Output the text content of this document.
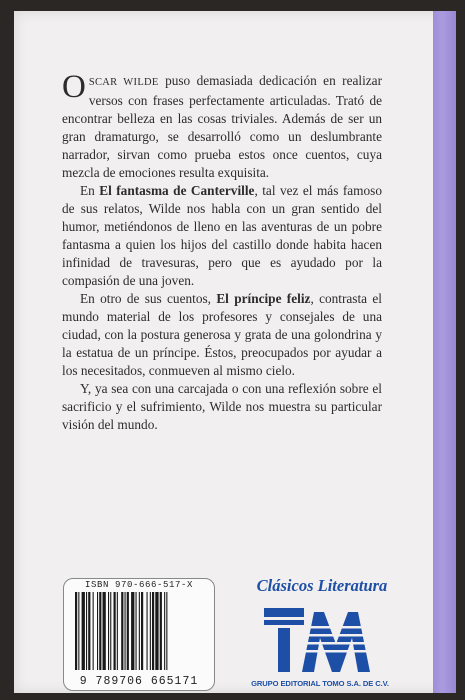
OSCAR WILDE puso demasiada dedicación en realizar versos con frases perfectamente articuladas. Trató de encontrar belleza en las cosas triviales. Además de ser un gran dramaturgo, se desarrolló como un deslumbrante narrador, sirvan como prueba estos once cuentos, cuya mezcla de emociones resulta exquisita.

En El fantasma de Canterville, tal vez el más famoso de sus relatos, Wilde nos habla con un gran sentido del humor, metiéndonos de lleno en las aventuras de un pobre fantasma a quien los hijos del castillo donde habita hacen infinidad de travesuras, pero que es ayudado por la compasión de una joven.

En otro de sus cuentos, El príncipe feliz, contrasta el mundo material de los profesores y consejales de una ciudad, con la postura generosa y grata de una golondrina y la estatua de un príncipe. Éstos, preocupados por ayudar a los necesitados, conmueven al mismo cielo.

Y, ya sea con una carcajada o con una reflexión sobre el sacrificio y el sufrimiento, Wilde nos muestra su particular visión del mundo.

ISBN 970-666-517-X
9 789706 665171
Clásicos Literatura
GRUPO EDITORIAL TOMO S.A. DE C.V.
